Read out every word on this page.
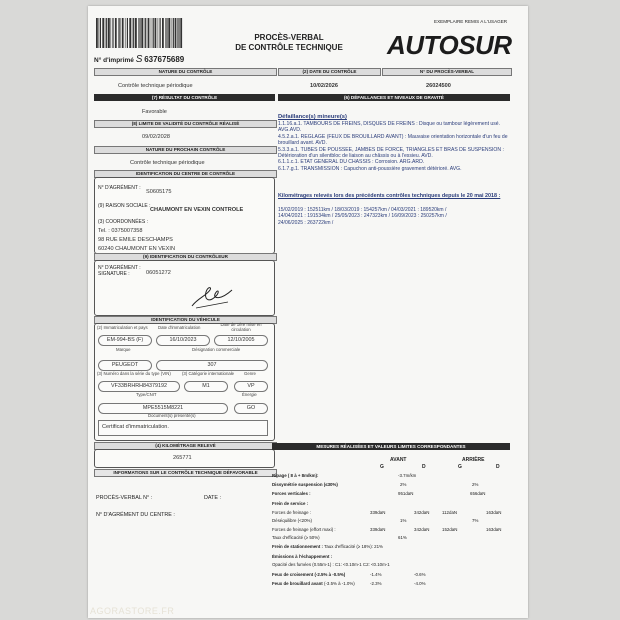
EXEMPLAIRE REMIS A L'USAGER
PROCÈS-VERBAL
DE CONTRÔLE TECHNIQUE AUTOSUR
N° d'imprimé S 637675689
NATURE DU CONTRÔLE	(2) DATE DU CONTRÔLE	N° DU PROCÈS-VERBAL
Contrôle technique périodique	10/02/2026	26024500
(7) RÉSULTAT DU CONTRÔLE	(6) DÉFAILLANCES ET NIVEAUX DE GRAVITÉ
Favorable
(8) LIMITE DE VALIDITÉ DU CONTRÔLE RÉALISÉ
09/02/2028
NATURE DU PROCHAIN CONTRÔLE
Contrôle technique périodique
IDENTIFICATION DU CENTRE DE CONTRÔLE
N° D'AGRÉMENT :
S0605175
(9) RAISON SOCIALE :
CHAUMONT EN VEXIN CONTROLE
(3) COORDONNÉES :
Tel. : 0375007358
98 RUE EMILE DESCHAMPS
60240 CHAUMONT EN VEXIN
(9) IDENTIFICATION DU CONTRÔLEUR
N° D'AGRÉMENT :
SIGNATURE :	06051272
IDENTIFICATION DU VÉHICULE
(2) Immatriculation et pays Date d'immatriculation
Date de 1ère mise en circulation
EM-994-BS (F)	16/10/2023	12/10/2005
Marque	Désignation commerciale
PEUGEOT	307
(3) Numéro dans la série du type (VIN)	(3) Catégorie internationale Genre
VF33BRHRH84379192	M1	VP
Type/CNIT	Énergie
MPE5515M8221	GO
Document(s) présenté(s)
Certificat d'immatriculation.
(4) KILOMÉTRAGE RELEVÉ
265771
INFORMATIONS SUR LE CONTRÔLE TECHNIQUE DÉFAVORABLE
PROCÈS-VERBAL N° :	DATE :
N° D'AGRÉMENT DU CENTRE :
Défaillance(s) mineure(s)
1.1.16.a.1. TAMBOURS DE FREINS, DISQUES DE FREINS : Disque ou tambour légèrement usé. AVG.AVD.
4.5.2.a.1. REGLAGE (FEUX DE BROUILLARD AVANT) : Mauvaise orientation horizontale d'un feu de brouillard avant. AVD.
5.3.3.a.1. TUBES DE POUSSEE, JAMBES DE FORCE, TRIANGLES ET BRAS DE SUSPENSION : Détérioration d'un silentbloc de liaison au châssis ou à l'essieu. AVD.
6.1.1.c.1. ETAT GENERAL DU CHASSIS : Corrosion. ARG.ARD.
6.1.7.g.1. TRANSMISSION : Capuchon anti-poussière gravement détérioré. AVG.
Kilométrages relevés lors des précédents contrôles techniques depuis le 20 mai 2018 :
15/02/2019 : 152511km / 18/03/2019 : 154257km / 04/03/2021 : 189520km /
14/04/2021 : 191534km / 25/05/2023 : 247323km / 16/09/2023 : 250257km /
24/06/2025 : 263722km /
MESURES RÉALISÉES ET VALEURS LIMITES CORRESPONDANTES
AVANT	ARRIÈRE
G	D	G	D
Ripage ( 8 à + 8m/km):	-3.7m/km
Dissymétrie suspension (≤30%)	2%	2%
Forces verticales :	951daN	656daN
Frein de service :
Forces de freinage :	339daN	342daN	112daN	163daN
Déséquilibre (<20%)	1%	7%
Forces de freinage (effort maxi) :	339daN	342daN	152daN	163daN
Taux d'efficacité (≥ 50%)	61%
Frein de stationnement : Taux d'efficacité (≥ 18%): 21%
Émissions à l'échappement :
Opacité des fumées (0.55m-1) : C1: <0.10m-1 C2: <0.10m-1
Feux de croisement (-2.5% à -0.5%)	-1.4%	-0.6%
Feux de brouillard avant (-3.5% à -1.0%)	-2.3%	-4.0%
AGORASTORE.FR
